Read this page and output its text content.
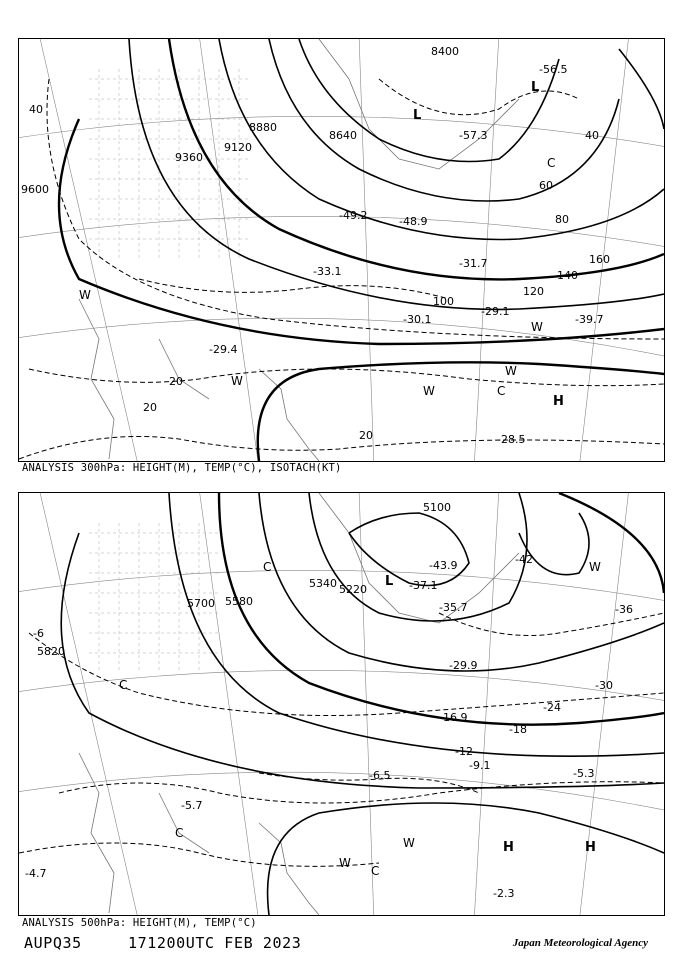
8400
8640
8880
9120
9360
9600
40
20
20
20
40
60
80
100
120
140
160
-57.3
-56.5
-48.9
-49.2
-33.1
-31.7
-30.1
-29.1
-29.4
-28.5
-39.7
L
L
H
C
C
W
W
W
W
W
ANALYSIS 300hPa: HEIGHT(M), TEMP(°C), ISOTACH(KT)
5100
5220
5340
5580
5700
5820
-42
-36
-30
-24
-18
-12
-6
-43.9
-37.1
-35.7
-29.9
-16.9
-9.1
-5.3
-2.3
-6.5
-5.7
-4.7
L
H	H
C
C
C
C
W
W
W
ANALYSIS 500hPa: HEIGHT(M), TEMP(°C)
AUPQ35	171200UTC FEB 2023	Japan Meteorological Agency
